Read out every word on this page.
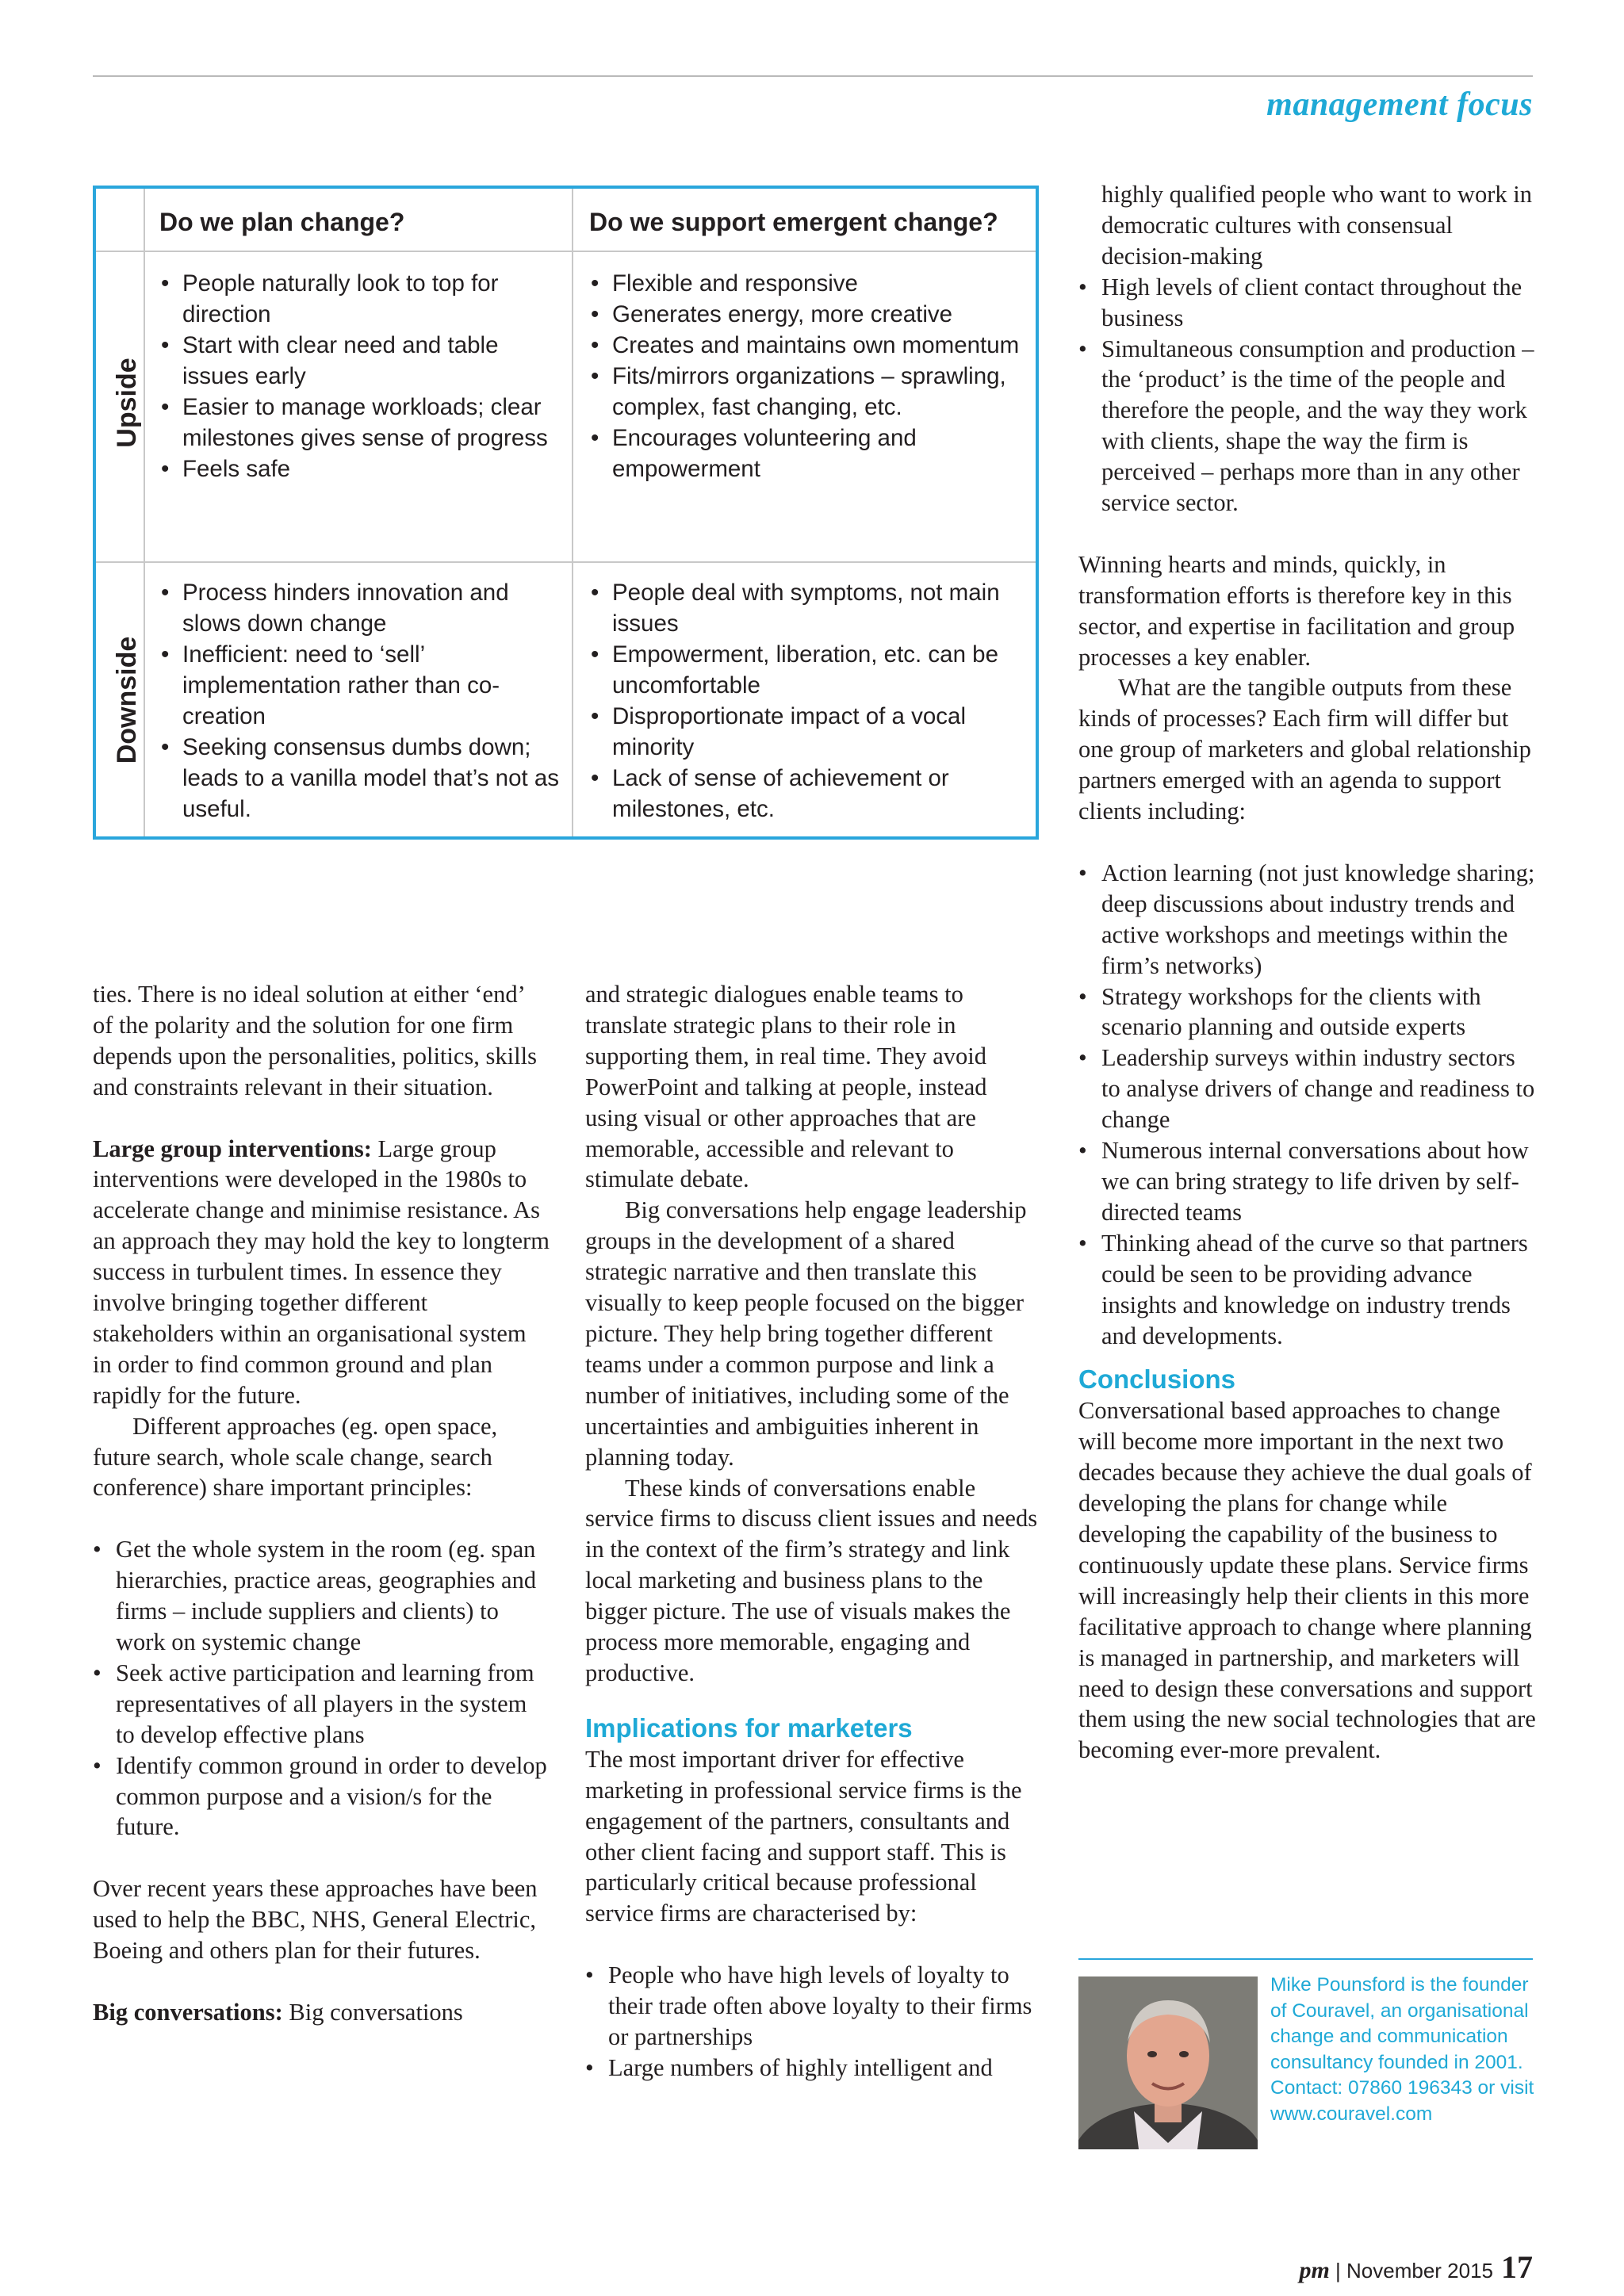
management focus
Do we plan change?	Do we support emergent change?
Upside
Downside
• People naturally look to top for direction
• Start with clear need and table issues early
• Easier to manage workloads; clear milestones gives sense of progress
• Feels safe
• Flexible and responsive
• Generates energy, more creative
• Creates and maintains own momentum
• Fits/mirrors organizations – sprawling, complex, fast changing, etc.
• Encourages volunteering and empowerment
• Process hinders innovation and slows down change
• Inefficient: need to ‘sell’ implementation rather than co-creation
• Seeking consensus dumbs down; leads to a vanilla model that’s not as useful.
• People deal with symptoms, not main issues
• Empowerment, liberation, etc. can be uncomfortable
• Disproportionate impact of a vocal minority
• Lack of sense of achievement or milestones, etc.

ties. There is no ideal solution at either ‘end’ of the polarity and the solution for one firm depends upon the personalities, politics, skills and constraints relevant in their situation.

Large group interventions: Large group interventions were developed in the 1980s to accelerate change and minimise resistance. As an approach they may hold the key to longterm success in turbulent times. In essence they involve bringing together different stakeholders within an organisational system in order to find common ground and plan rapidly for the future.

Different approaches (eg. open space, future search, whole scale change, search conference) share important principles:

• Get the whole system in the room (eg. span hierarchies, practice areas, geographies and firms – include suppliers and clients) to work on systemic change
• Seek active participation and learning from representatives of all players in the system to develop effective plans
• Identify common ground in order to develop common purpose and a vision/s for the future.

Over recent years these approaches have been used to help the BBC, NHS, General Electric, Boeing and others plan for their futures.

Big conversations: Big conversations

and strategic dialogues enable teams to translate strategic plans to their role in supporting them, in real time. They avoid PowerPoint and talking at people, instead using visual or other approaches that are memorable, accessible and relevant to stimulate debate.

Big conversations help engage leadership groups in the development of a shared strategic narrative and then translate this visually to keep people focused on the bigger picture. They help bring together different teams under a common purpose and link a number of initiatives, including some of the uncertainties and ambiguities inherent in planning today.

These kinds of conversations enable service firms to discuss client issues and needs in the context of the firm’s strategy and link local marketing and business plans to the bigger picture. The use of visuals makes the process more memorable, engaging and productive.

Implications for marketers

The most important driver for effective marketing in professional service firms is the engagement of the partners, consultants and other client facing and support staff. This is particularly critical because professional service firms are characterised by:

• People who have high levels of loyalty to their trade often above loyalty to their firms or partnerships
• Large numbers of highly intelligent and

highly qualified people who want to work in democratic cultures with consensual decision-making

• High levels of client contact throughout the business
• Simultaneous consumption and production – the ‘product’ is the time of the people and therefore the people, and the way they work with clients, shape the way the firm is perceived – perhaps more than in any other service sector.

Winning hearts and minds, quickly, in transformation efforts is therefore key in this sector, and expertise in facilitation and group processes a key enabler.

What are the tangible outputs from these kinds of processes? Each firm will differ but one group of marketers and global relationship partners emerged with an agenda to support clients including:

• Action learning (not just knowledge sharing; deep discussions about industry trends and active workshops and meetings within the firm’s networks)
• Strategy workshops for the clients with scenario planning and outside experts
• Leadership surveys within industry sectors to analyse drivers of change and readiness to change
• Numerous internal conversations about how we can bring strategy to life driven by self-directed teams
• Thinking ahead of the curve so that partners could be seen to be providing advance insights and knowledge on industry trends and developments.
Conclusions

Conversational based approaches to change will become more important in the next two decades because they achieve the dual goals of developing the plans for change while developing the capability of the business to continuously update these plans. Service firms will increasingly help their clients in this more facilitative approach to change where planning is managed in partnership, and marketers will need to design these conversations and support them using the new social technologies that are becoming ever-more prevalent.

Mike Pounsford is the founder of Couravel, an organisational change and communication consultancy founded in 2001. Contact: 07860 196343 or visit www.couravel.com
pm | November 2015 17
